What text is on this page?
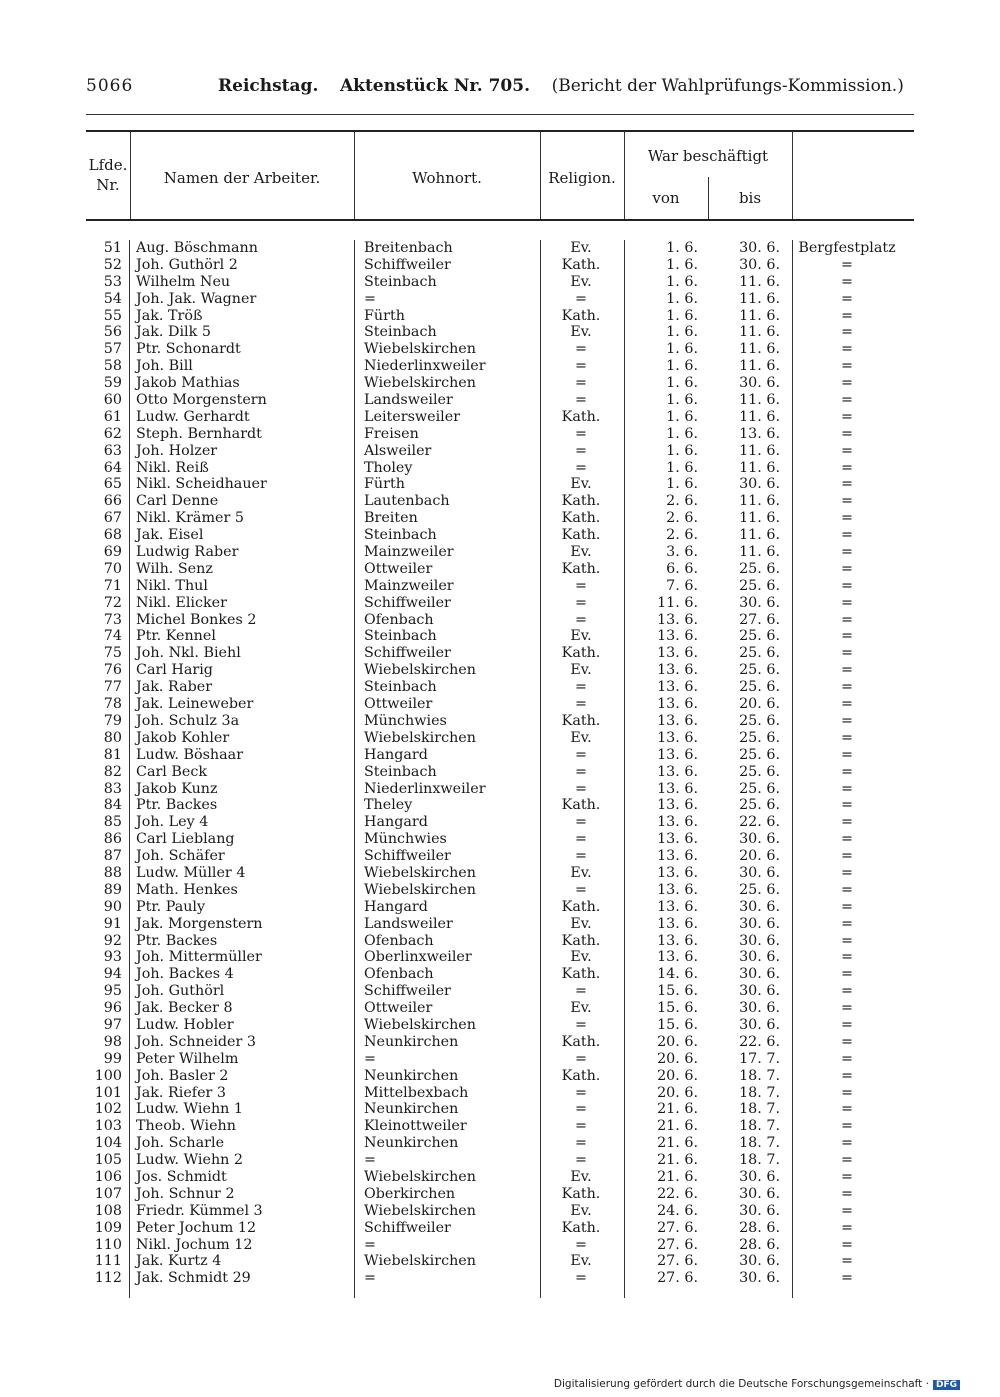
5066	Reichstag. Aktenstück Nr. 705. (Bericht der Wahlprüfungs-Kommission.)
Lfde.
Nr.	Namen der Arbeiter.	Wohnort.	Religion.
War beschäftigt
von	bis
51 Aug. Böschmann	Breitenbach	Ev.	1. 6.	30. 6.	Bergfestplatz
52 Joh. Guthörl 2	Schiffweiler	Kath.	1. 6.	30. 6.	=
53 Wilhelm Neu	Steinbach	Ev.	1. 6.	11. 6.	=
54 Joh. Jak. Wagner	=	=	1. 6.	11. 6.	=
55 Jak. Tröß	Fürth	Kath.	1. 6.	11. 6.	=
56 Jak. Dilk 5	Steinbach	Ev.	1. 6.	11. 6.	=
57 Ptr. Schonardt	Wiebelskirchen	=	1. 6.	11. 6.	=
58 Joh. Bill	Niederlinxweiler	=	1. 6.	11. 6.	=
59 Jakob Mathias	Wiebelskirchen	=	1. 6.	30. 6.	=
60 Otto Morgenstern	Landsweiler	=	1. 6.	11. 6.	=
61 Ludw. Gerhardt	Leitersweiler	Kath.	1. 6.	11. 6.	=
62 Steph. Bernhardt	Freisen	=	1. 6.	13. 6.	=
63 Joh. Holzer	Alsweiler	=	1. 6.	11. 6.	=
64 Nikl. Reiß	Tholey	=	1. 6.	11. 6.	=
65 Nikl. Scheidhauer	Fürth	Ev.	1. 6.	30. 6.	=
66 Carl Denne	Lautenbach	Kath.	2. 6.	11. 6.	=
67 Nikl. Krämer 5	Breiten	Kath.	2. 6.	11. 6.	=
68 Jak. Eisel	Steinbach	Kath.	2. 6.	11. 6.	=
69 Ludwig Raber	Mainzweiler	Ev.	3. 6.	11. 6.	=
70 Wilh. Senz	Ottweiler	Kath.	6. 6.	25. 6.	=
71 Nikl. Thul	Mainzweiler	=	7. 6.	25. 6.	=
72 Nikl. Elicker	Schiffweiler	=	11. 6.	30. 6.	=
73 Michel Bonkes 2	Ofenbach	=	13. 6.	27. 6.	=
74 Ptr. Kennel	Steinbach	Ev.	13. 6.	25. 6.	=
75 Joh. Nkl. Biehl	Schiffweiler	Kath.	13. 6.	25. 6.	=
76 Carl Harig	Wiebelskirchen	Ev.	13. 6.	25. 6.	=
77 Jak. Raber	Steinbach	=	13. 6.	25. 6.	=
78 Jak. Leineweber	Ottweiler	=	13. 6.	20. 6.	=
79 Joh. Schulz 3a	Münchwies	Kath.	13. 6.	25. 6.	=
80 Jakob Kohler	Wiebelskirchen	Ev.	13. 6.	25. 6.	=
81 Ludw. Böshaar	Hangard	=	13. 6.	25. 6.	=
82 Carl Beck	Steinbach	=	13. 6.	25. 6.	=
83 Jakob Kunz	Niederlinxweiler	=	13. 6.	25. 6.	=
84 Ptr. Backes	Theley	Kath.	13. 6.	25. 6.	=
85 Joh. Ley 4	Hangard	=	13. 6.	22. 6.	=
86 Carl Lieblang	Münchwies	=	13. 6.	30. 6.	=
87 Joh. Schäfer	Schiffweiler	=	13. 6.	20. 6.	=
88 Ludw. Müller 4	Wiebelskirchen	Ev.	13. 6.	30. 6.	=
89 Math. Henkes	Wiebelskirchen	=	13. 6.	25. 6.	=
90 Ptr. Pauly	Hangard	Kath.	13. 6.	30. 6.	=
91 Jak. Morgenstern	Landsweiler	Ev.	13. 6.	30. 6.	=
92 Ptr. Backes	Ofenbach	Kath.	13. 6.	30. 6.	=
93 Joh. Mittermüller	Oberlinxweiler	Ev.	13. 6.	30. 6.	=
94 Joh. Backes 4	Ofenbach	Kath.	14. 6.	30. 6.	=
95 Joh. Guthörl	Schiffweiler	=	15. 6.	30. 6.	=
96 Jak. Becker 8	Ottweiler	Ev.	15. 6.	30. 6.	=
97 Ludw. Hobler	Wiebelskirchen	=	15. 6.	30. 6.	=
98 Joh. Schneider 3	Neunkirchen	Kath.	20. 6.	22. 6.	=
99 Peter Wilhelm	=	=	20. 6.	17. 7.	=
100 Joh. Basler 2	Neunkirchen	Kath.	20. 6.	18. 7.	=
101 Jak. Riefer 3	Mittelbexbach	=	20. 6.	18. 7.	=
102 Ludw. Wiehn 1	Neunkirchen	=	21. 6.	18. 7.	=
103 Theob. Wiehn	Kleinottweiler	=	21. 6.	18. 7.	=
104 Joh. Scharle	Neunkirchen	=	21. 6.	18. 7.	=
105 Ludw. Wiehn 2	=	=	21. 6.	18. 7.	=
106 Jos. Schmidt	Wiebelskirchen	Ev.	21. 6.	30. 6.	=
107 Joh. Schnur 2	Oberkirchen	Kath.	22. 6.	30. 6.	=
108 Friedr. Kümmel 3	Wiebelskirchen	Ev.	24. 6.	30. 6.	=
109 Peter Jochum 12	Schiffweiler	Kath.	27. 6.	28. 6.	=
110 Nikl. Jochum 12	=	=	27. 6.	28. 6.	=
111 Jak. Kurtz 4	Wiebelskirchen	Ev.	27. 6.	30. 6.	=
112 Jak. Schmidt 29	=	=	27. 6.	30. 6.	=
Digitalisierung gefördert durch die Deutsche Forschungsgemeinschaft · DFG
